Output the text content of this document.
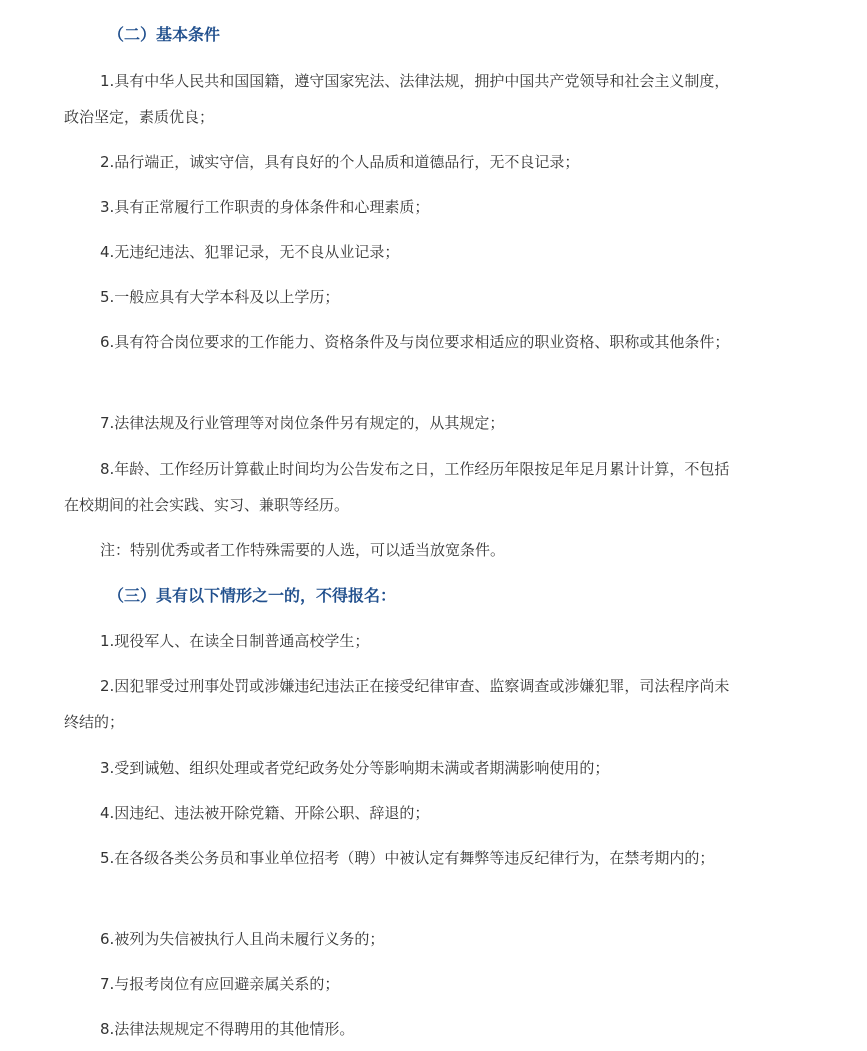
（二）基本条件
1.具有中华人民共和国国籍，遵守国家宪法、法律法规，拥护中国共产党领导和社会主义制度，政治坚定，素质优良；
2.品行端正，诚实守信，具有良好的个人品质和道德品行，无不良记录；
3.具有正常履行工作职责的身体条件和心理素质；
4.无违纪违法、犯罪记录，无不良从业记录；
5.一般应具有大学本科及以上学历；
6.具有符合岗位要求的工作能力、资格条件及与岗位要求相适应的职业资格、职称或其他条件；
7.法律法规及行业管理等对岗位条件另有规定的，从其规定；
8.年龄、工作经历计算截止时间均为公告发布之日，工作经历年限按足年足月累计计算，不包括在校期间的社会实践、实习、兼职等经历。
注：特别优秀或者工作特殊需要的人选，可以适当放宽条件。
（三）具有以下情形之一的，不得报名：
1.现役军人、在读全日制普通高校学生；
2.因犯罪受过刑事处罚或涉嫌违纪违法正在接受纪律审查、监察调查或涉嫌犯罪，司法程序尚未终结的；
3.受到诫勉、组织处理或者党纪政务处分等影响期未满或者期满影响使用的；
4.因违纪、违法被开除党籍、开除公职、辞退的；
5.在各级各类公务员和事业单位招考（聘）中被认定有舞弊等违反纪律行为，在禁考期内的；
6.被列为失信被执行人且尚未履行义务的；
7.与报考岗位有应回避亲属关系的；
8.法律法规规定不得聘用的其他情形。
